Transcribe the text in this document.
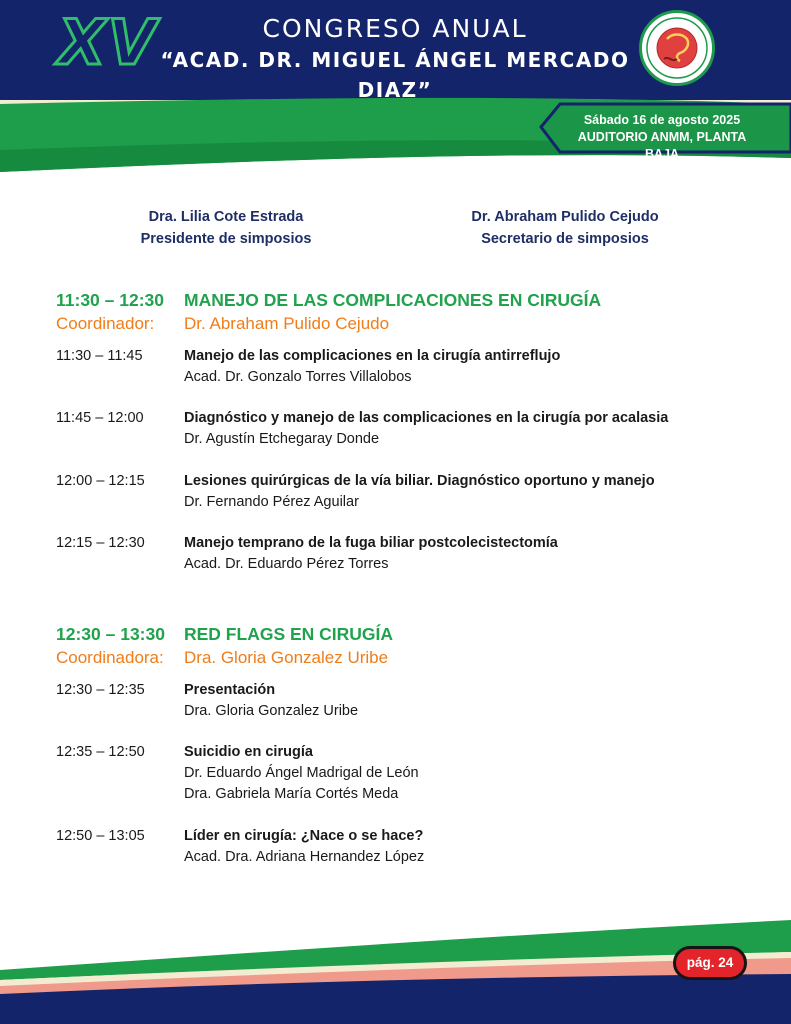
XV	CONGRESO ANUAL
“ACAD. DR. MIGUEL ÁNGEL MERCADO DIAZ”
Sábado 16 de agosto 2025
AUDITORIO ANMM, PLANTA BAJA
Dra. Lilia Cote Estrada
Presidente de simposios
Dr. Abraham Pulido Cejudo
Secretario de simposios
11:30 – 12:30 MANEJO DE LAS COMPLICACIONES EN CIRUGÍA
Coordinador: Dr. Abraham Pulido Cejudo
11:30 – 11:45	Manejo de las complicaciones en la cirugía antirreflujo
Acad. Dr. Gonzalo Torres Villalobos
11:45 – 12:00	Diagnóstico y manejo de las complicaciones en la cirugía por acalasia
Dr. Agustín Etchegaray Donde
12:00 – 12:15	Lesiones quirúrgicas de la vía biliar. Diagnóstico oportuno y manejo
Dr. Fernando Pérez Aguilar
12:15 – 12:30	Manejo temprano de la fuga biliar postcolecistectomía
Acad. Dr. Eduardo Pérez Torres
12:30 – 13:30 RED FLAGS EN CIRUGÍA
Coordinadora: Dra. Gloria Gonzalez Uribe
12:30 – 12:35	Presentación
Dra. Gloria Gonzalez Uribe
12:35 – 12:50	Suicidio en cirugía
Dr. Eduardo Ángel Madrigal de León
Dra. Gabriela María Cortés Meda
12:50 – 13:05	Líder en cirugía: ¿Nace o se hace?
Acad. Dra. Adriana Hernandez López
pág. 24
